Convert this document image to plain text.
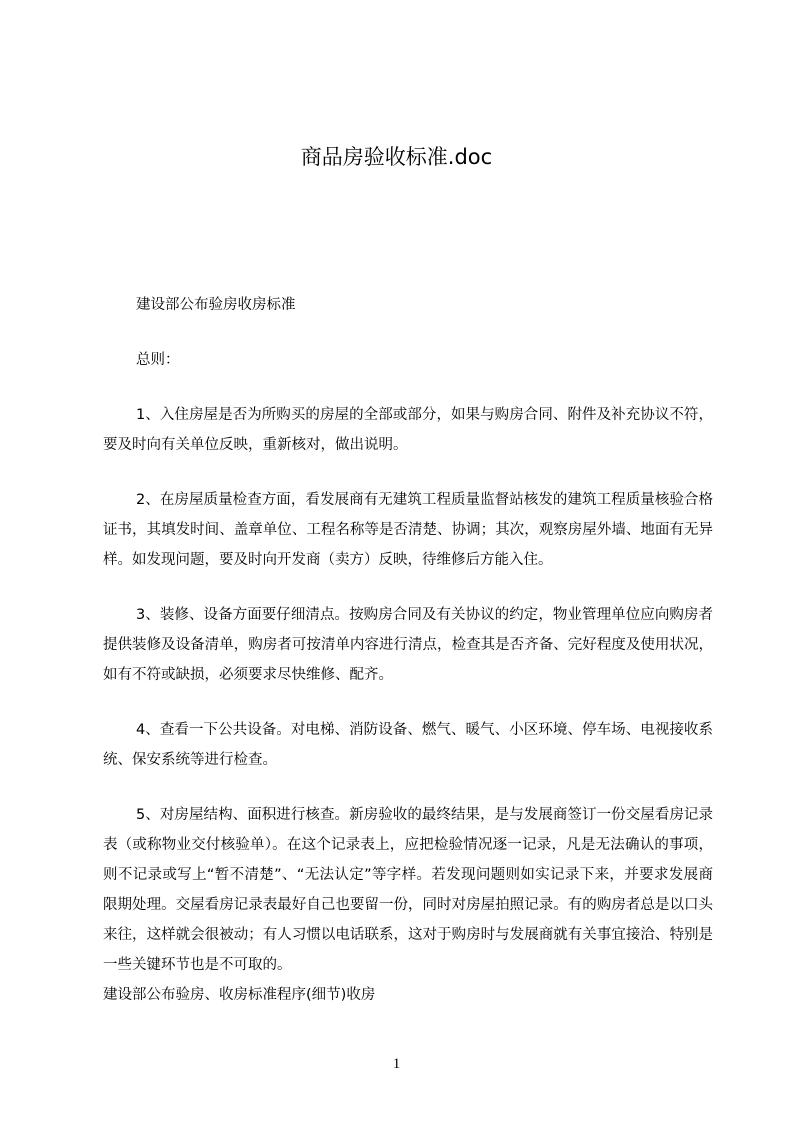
商品房验收标准.doc

建设部公布验房收房标准

总则：

1、入住房屋是否为所购买的房屋的全部或部分，如果与购房合同、附件及补充协议不符，要及时向有关单位反映，重新核对，做出说明。

2、在房屋质量检查方面，看发展商有无建筑工程质量监督站核发的建筑工程质量核验合格证书，其填发时间、盖章单位、工程名称等是否清楚、协调；其次，观察房屋外墙、地面有无异样。如发现问题，要及时向开发商（卖方）反映，待维修后方能入住。

3、装修、设备方面要仔细清点。按购房合同及有关协议的约定，物业管理单位应向购房者提供装修及设备清单，购房者可按清单内容进行清点，检查其是否齐备、完好程度及使用状况，如有不符或缺损，必须要求尽快维修、配齐。

4、查看一下公共设备。对电梯、消防设备、燃气、暖气、小区环境、停车场、电视接收系统、保安系统等进行检查。

5、对房屋结构、面积进行核查。新房验收的最终结果，是与发展商签订一份交屋看房记录表（或称物业交付核验单）。在这个记录表上，应把检验情况逐一记录，凡是无法确认的事项，则不记录或写上“暂不清楚”、“无法认定”等字样。若发现问题则如实记录下来，并要求发展商限期处理。交屋看房记录表最好自己也要留一份，同时对房屋拍照记录。有的购房者总是以口头来往，这样就会很被动；有人习惯以电话联系，这对于购房时与发展商就有关事宜接洽、特别是一些关键环节也是不可取的。

建设部公布验房、收房标准程序(细节)收房

1
